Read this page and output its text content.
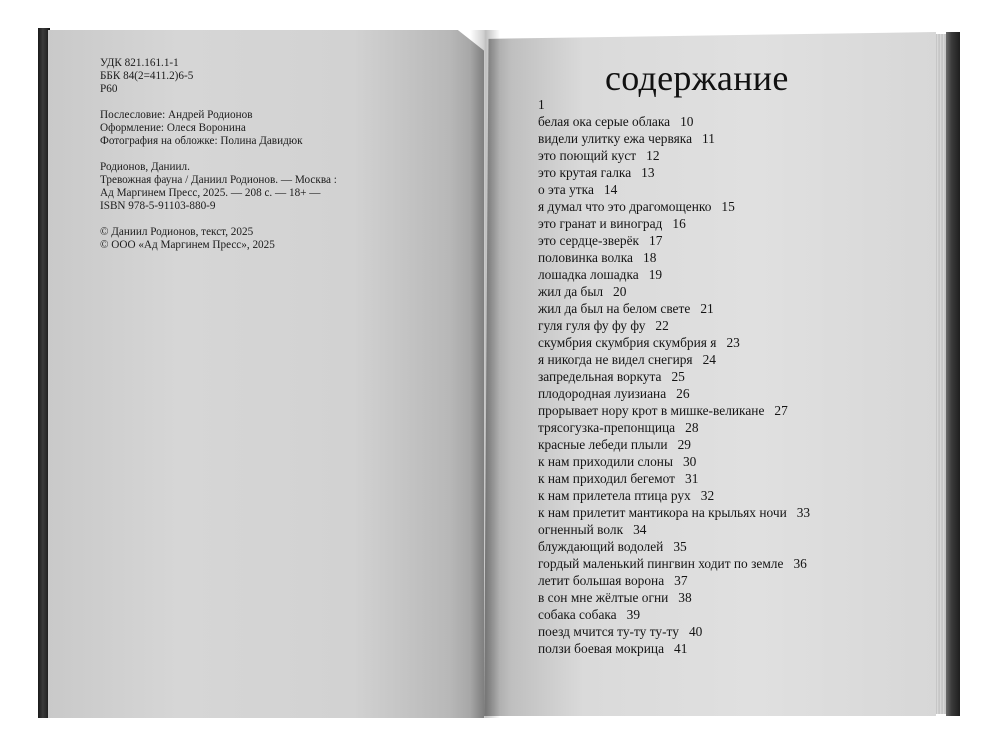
УДК 821.161.1-1
ББК 84(2=411.2)6-5
Р60
Послесловие: Андрей Родионов
Оформление: Олеся Воронина
Фотография на обложке: Полина Давидюк
Родионов, Даниил.
Тревожная фауна / Даниил Родионов. — Москва :
Ад Маргинем Пресс, 2025. — 208 с. — 18+ —
ISBN 978-5-91103-880-9
© Даниил Родионов, текст, 2025
© ООО «Ад Маргинем Пресс», 2025
содержание
1
белая ока серые облака 10
видели улитку ежа червяка 11
это поющий куст 12
это крутая галка 13
о эта утка 14
я думал что это драгомощенко 15
это гранат и виноград 16
это сердце-зверёк 17
половинка волка 18
лошадка лошадка 19
жил да был 20
жил да был на белом свете 21
гуля гуля фу фу фу 22
скумбрия скумбрия скумбрия я 23
я никогда не видел снегиря 24
запредельная воркута 25
плодородная луизиана 26
прорывает нору крот в мишке-великане 27
трясогузка-препонщица 28
красные лебеди плыли 29
к нам приходили слоны 30
к нам приходил бегемот 31
к нам прилетела птица рух 32
к нам прилетит мантикора на крыльях ночи 33
огненный волк 34
блуждающий водолей 35
гордый маленький пингвин ходит по земле 36
летит большая ворона 37
в сон мне жёлтые огни 38
собака собака 39
поезд мчится ту-ту ту-ту 40
ползи боевая мокрица 41
